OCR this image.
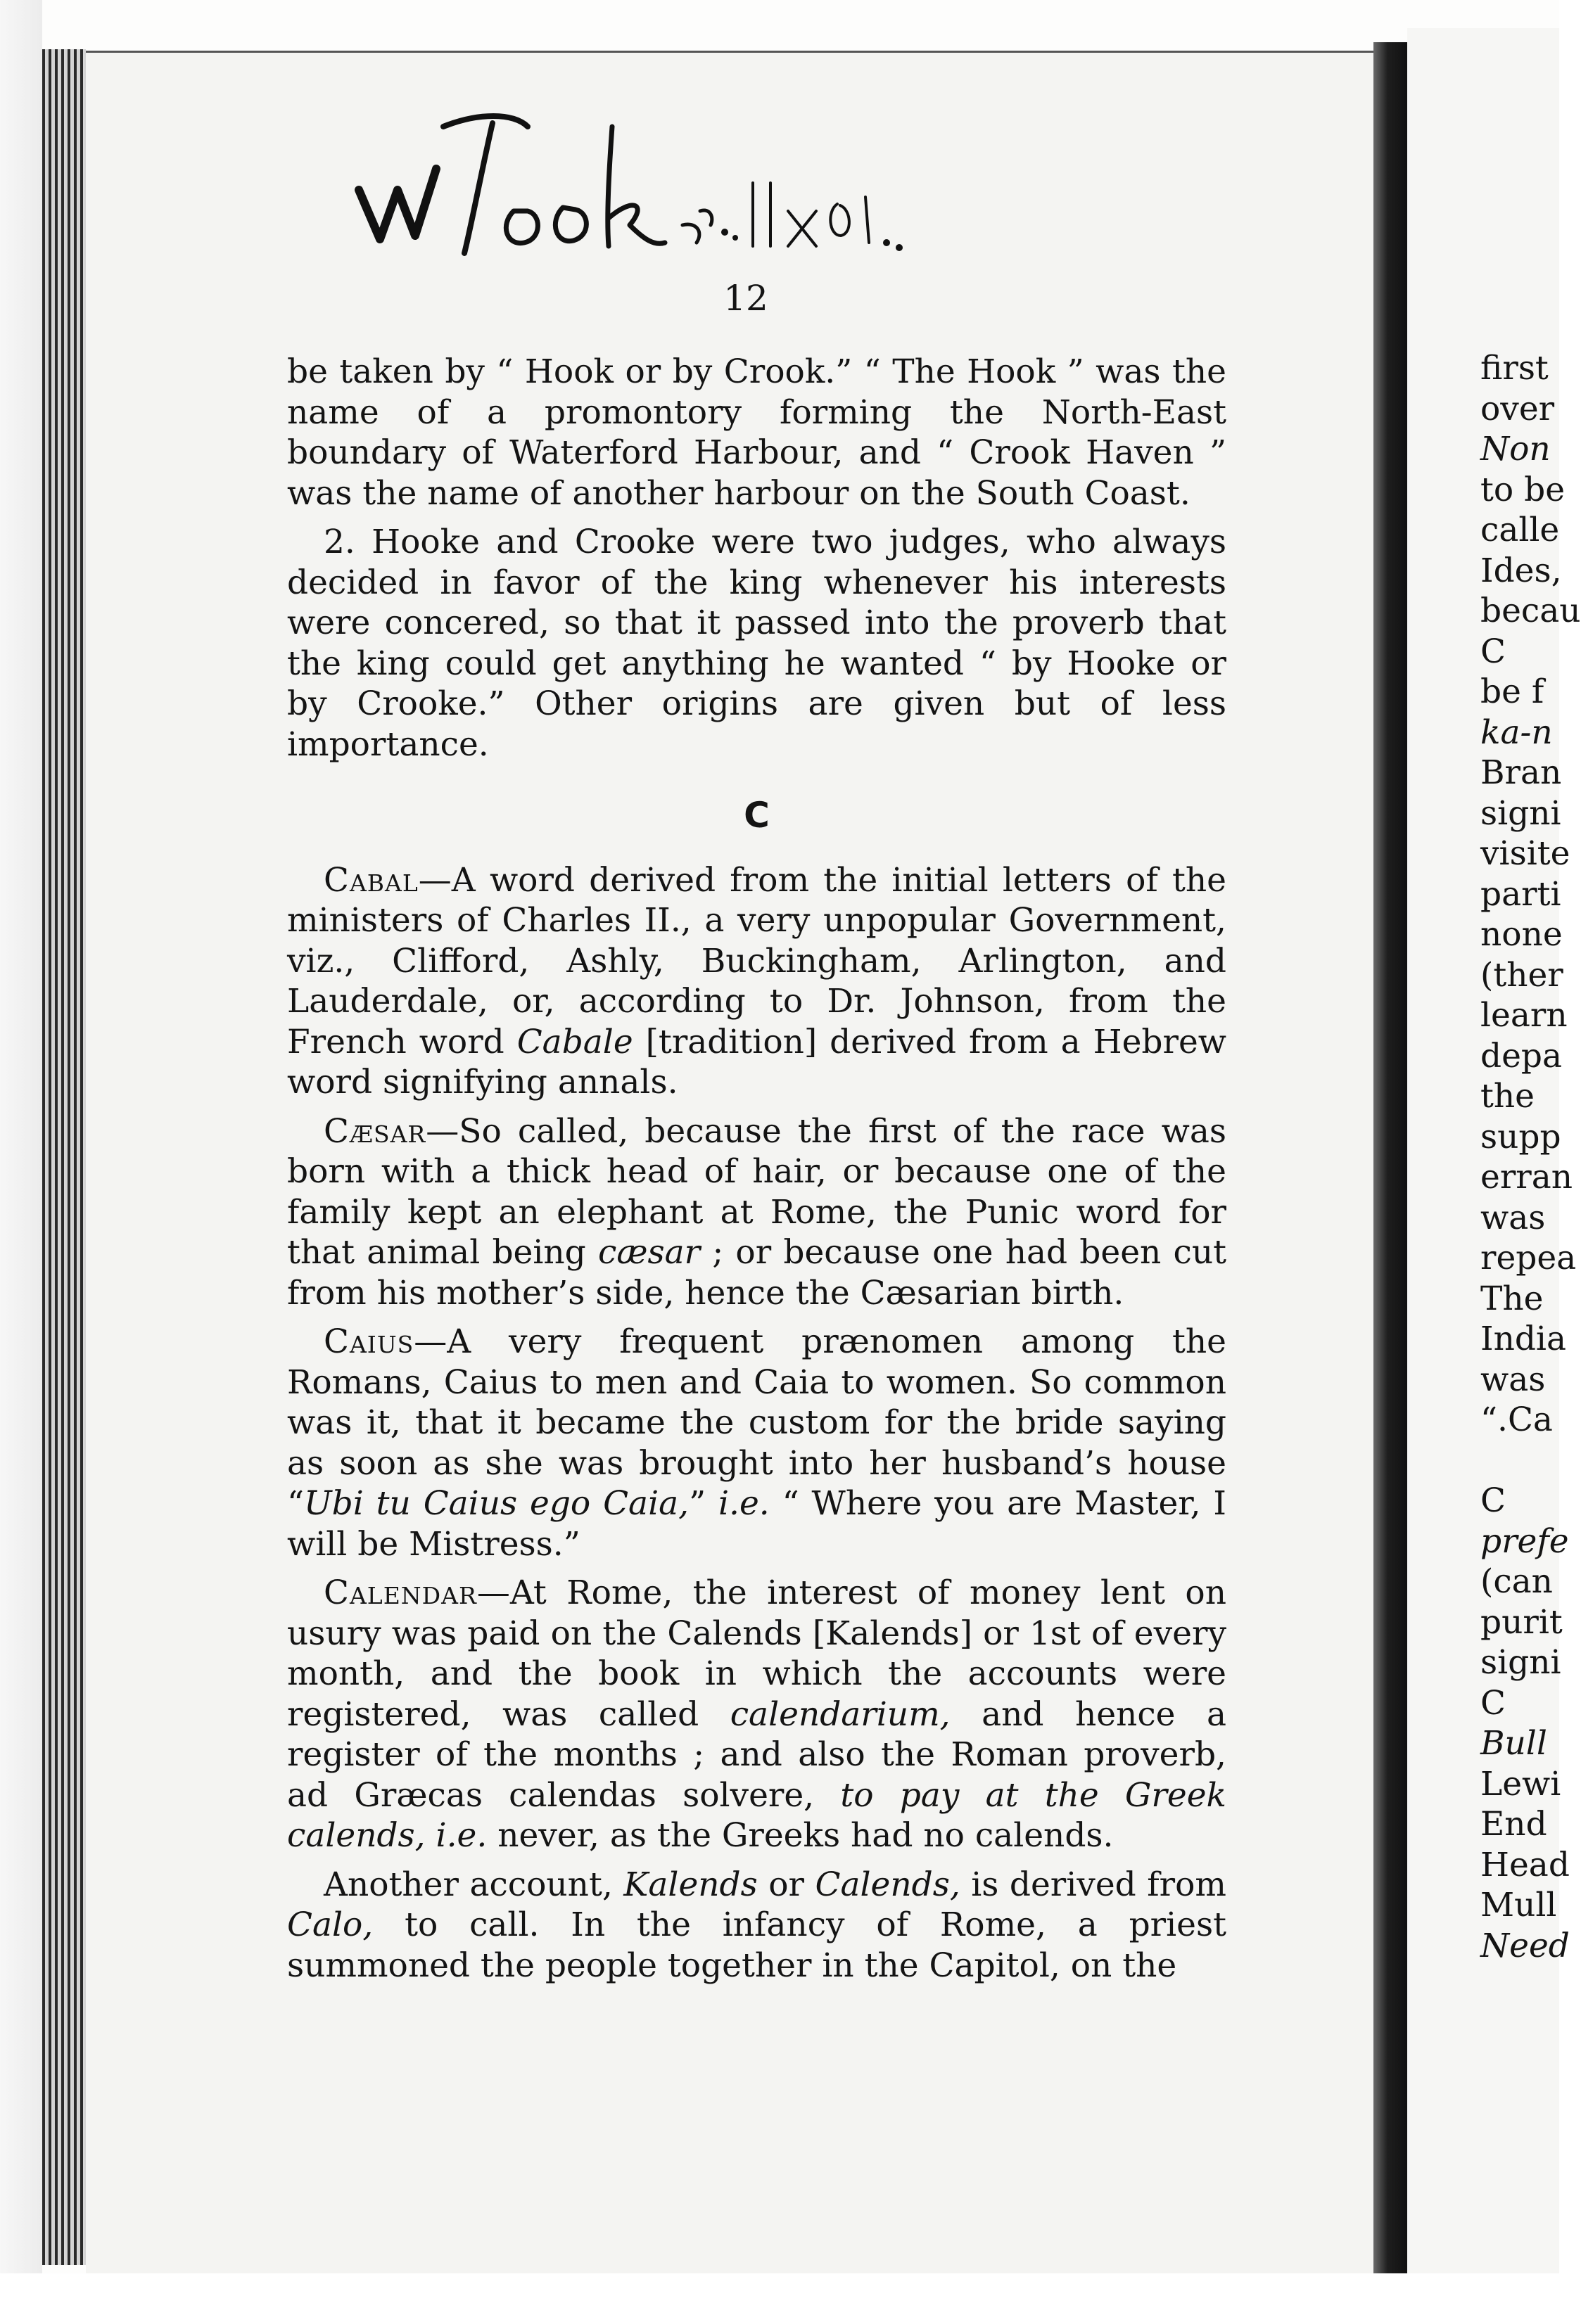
12

be taken by “ Hook or by Crook.” “ The Hook ” was the name of a promontory forming the North-East boundary of Waterford Harbour, and “ Crook Haven ” was the name of another harbour on the South Coast.

2. Hooke and Crooke were two judges, who always decided in favor of the king whenever his interests were concered, so that it passed into the proverb that the king could get anything he wanted “ by Hooke or by Crooke.” Other origins are given but of less importance.

C

Cabal—A word derived from the initial letters of the ministers of Charles II., a very unpopular Government, viz., Clifford, Ashly, Buckingham, Arlington, and Lauderdale, or, according to Dr. Johnson, from the French word Cabale [tradition] derived from a Hebrew word signifying annals.

Cæsar—So called, because the first of the race was born with a thick head of hair, or because one of the family kept an elephant at Rome, the Punic word for that animal being cæsar ; or because one had been cut from his mother’s side, hence the Cæsarian birth.

Caius—A very frequent prænomen among the Romans, Caius to men and Caia to women. So common was it, that it became the custom for the bride saying as soon as she was brought into her husband’s house “Ubi tu Caius ego Caia,” i.e. “ Where you are Master, I will be Mistress.”

Calendar—At Rome, the interest of money lent on usury was paid on the Calends [Kalends] or 1st of every month, and the book in which the accounts were registered, was called calendarium, and hence a register of the months ; and also the Roman proverb, ad Græcas calendas solvere, to pay at the Greek calends, i.e. never, as the Greeks had no calends.

Another account, Kalends or Calends, is derived from Calo, to call. In the infancy of Rome, a priest summoned the people together in the Capitol, on the

first
over
Non
to be
calle
Ides,
becau
C
be f
ka-n
Bran
signi
visite
parti
none
(ther
learn
depa
the
supp
erran
was
repea
The
India
was
“.Ca
C
prefe
(can
purit
signi
C
Bull
Lewi
End
Head
Mull
Need
